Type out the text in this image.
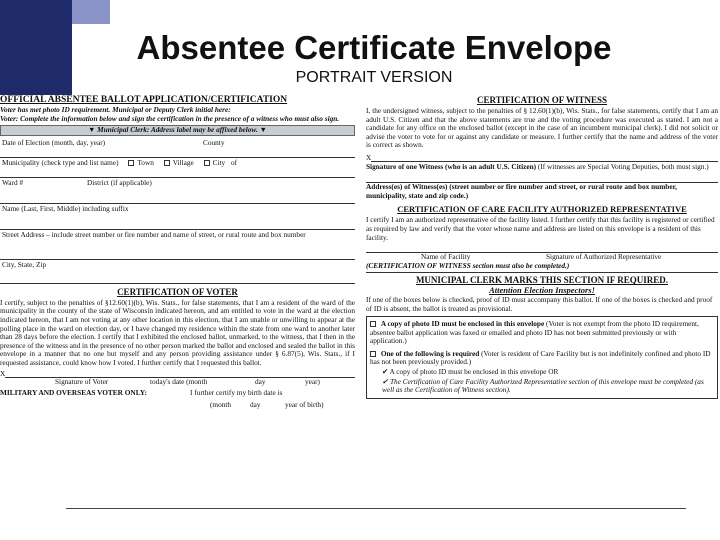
Absentee Certificate Envelope
PORTRAIT VERSION
OFFICIAL ABSENTEE BALLOT APPLICATION/CERTIFICATION
Voter has met photo ID requirement. Municipal or Deputy Clerk initial here:
Voter: Complete the information below and sign the certification in the presence of a witness who must also sign.
▼ Municipal Clerk: Address label may be affixed below. ▼
Date of Election (month, day, year)	County
Municipality (check type and list name)	Town	Village	City of
Ward #	District (if applicable)
Name (Last, First, Middle) including suffix
Street Address – include street number or fire number and name of street, or rural route and box number
City, State, Zip
CERTIFICATION OF VOTER
I certify, subject to the penalties of §12.60(1)(b), Wis. Stats., for false statements, that I am a resident of the ward of the municipality in the county of the state of Wisconsin indicated hereon, and am entitled to vote in the ward at the election indicated hereon, that I am not voting at any other location in this election, that I am unable or unwilling to appear at the polling place in the ward on election day, or I have changed my residence within the state from one ward to another later than 28 days before the election. I certify that I exhibited the enclosed ballot, unmarked, to the witness, that I then in the presence of the witness and in the presence of no other person marked the ballot and enclosed and sealed the ballot in this envelope in a manner that no one but myself and any person providing assistance under § 6.87(5), Wis. Stats., if I requested assistance, could know how I voted. I further certify that I requested this ballot.
X
Signature of Voter	today's date (month	day	year)
MILITARY AND OVERSEAS VOTER ONLY:	I further certify my birth date is
(month	day	year of birth)
CERTIFICATION OF WITNESS
I, the undersigned witness, subject to the penalties of § 12.60(1)(b), Wis. Stats., for false statements, certify that I am an adult U.S. Citizen and that the above statements are true and the voting procedure was executed as stated. I am not a candidate for any office on the enclosed ballot (except in the case of an incumbent municipal clerk). I did not solicit or advise the voter to vote for or against any candidate or measure. I further certify that the name and address of the voter is correct as shown.
X
Signature of one Witness (who is an adult U.S. Citizen) (If witnesses are Special Voting Deputies, both must sign.)
Address(es) of Witness(es) (street number or fire number and street, or rural route and box number, municipality, state and zip code.)
CERTIFICATION OF CARE FACILITY AUTHORIZED REPRESENTATIVE
I certify I am an authorized representative of the facility listed. I further certify that this facility is registered or certified as required by law and verify that the voter whose name and address are listed on this envelope is a resident of this facility.
Name of Facility	Signature of Authorized Representative
(CERTIFICATION OF WITNESS section must also be completed.)
MUNICIPAL CLERK MARKS THIS SECTION IF REQUIRED.
Attention Election Inspectors!
If one of the boxes below is checked, proof of ID must accompany this ballot. If one of the boxes is checked and proof of ID is absent, the ballot is treated as provisional.
A copy of photo ID must be enclosed in this envelope (Voter is not exempt from the photo ID requirement, absentee ballot application was faxed or emailed and photo ID has not been submitted previously or with application.)
One of the following is required (Voter is resident of Care Facility but is not indefinitely confined and photo ID has not been previously provided.)
✔ A copy of photo ID must be enclosed in this envelope OR
✔ The Certification of Care Facility Authorized Representative section of this envelope must be completed (as well as the Certification of Witness section).
